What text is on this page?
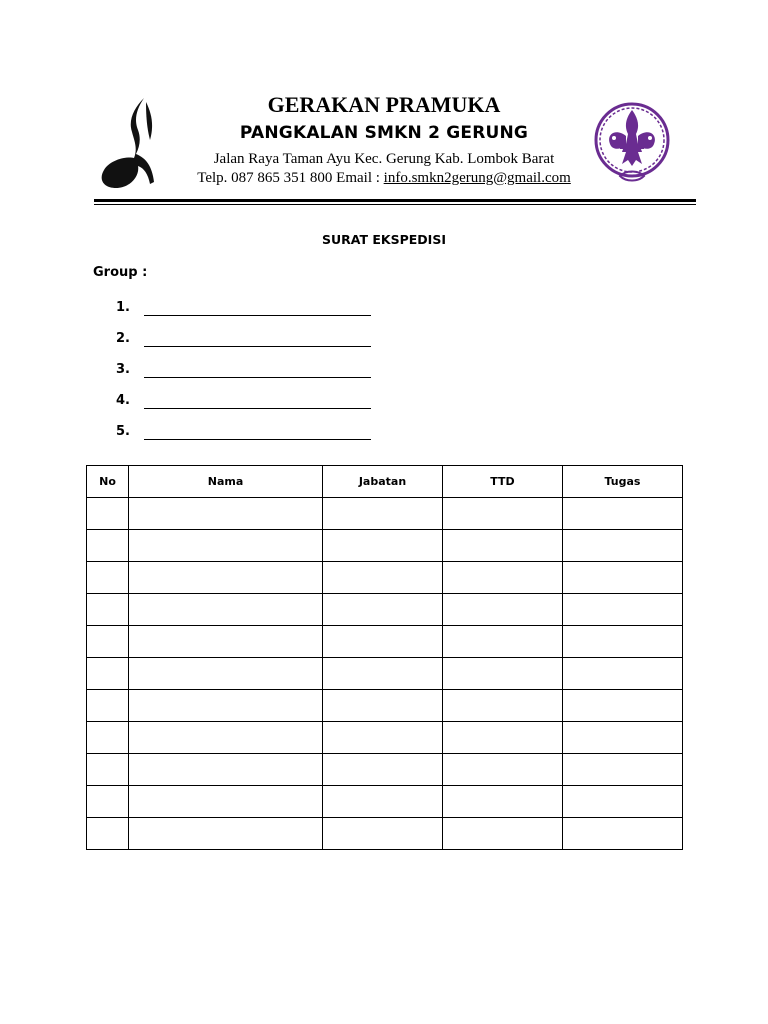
GERAKAN PRAMUKA
PANGKALAN SMKN 2 GERUNG
Jalan Raya Taman Ayu Kec. Gerung Kab. Lombok Barat
Telp. 087 865 351 800 Email : info.smkn2gerung@gmail.com
SURAT EKSPEDISI
Group :
1.
2.
3.
4.
5.
No	Nama	Jabatan	TTD	Tugas
